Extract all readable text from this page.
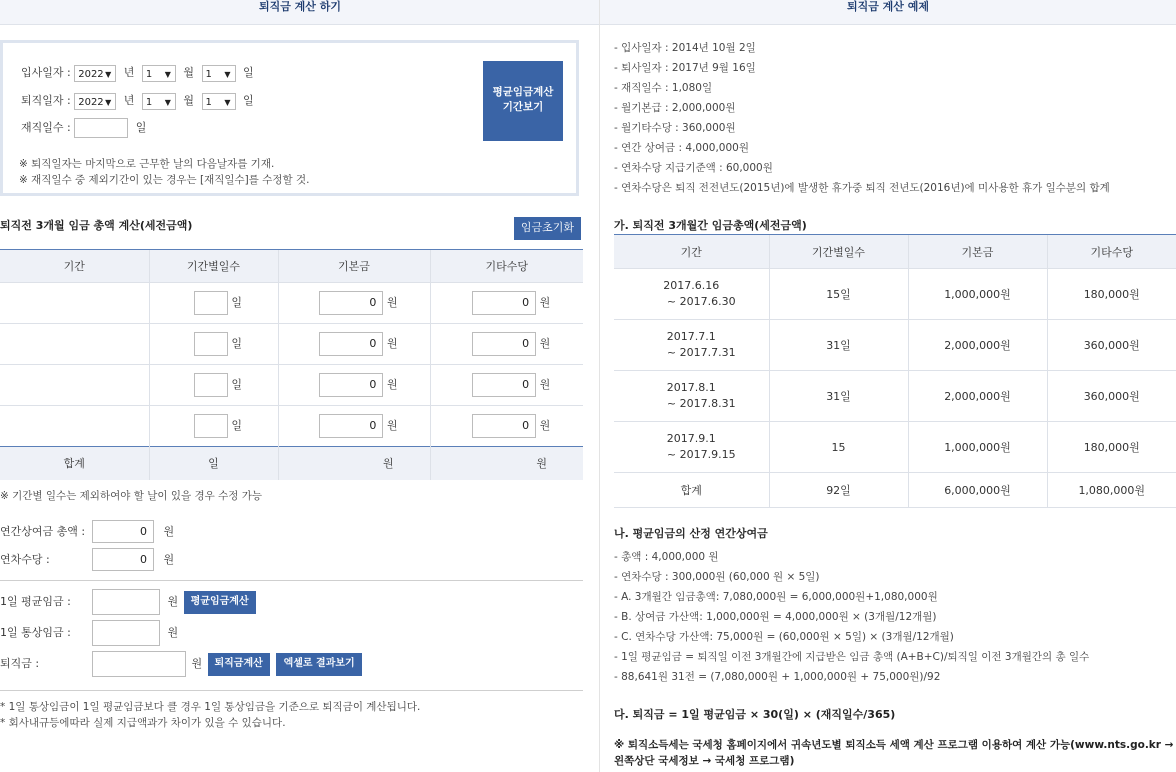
퇴직금 계산 하기	퇴직금 계산 예제
입사일자 : 2022 ▼ 년 1 ▼ 월 1 ▼ 일
퇴직일자 : 2022 ▼ 년 1 ▼ 월 1 ▼ 일
재직일수 :	일
평균임금계산
기간보기
※ 퇴직일자는 마지막으로 근무한 날의 다음날자를 기재.
※ 재직일수 중 제외기간이 있는 경우는 [재직일수]를 수정할 것.
퇴직전 3개월 임금 총액 계산(세전금액)	임금초기화
기간	기간별일수	기본금	기타수당
	일	0 원	0 원
	일	0 원	0 원
	일	0 원	0 원
	일	0 원	0 원
합계	일	원	원
※ 기간별 일수는 제외하여야 할 날이 있을 경우 수정 가능
연간상여금 총액 :	0 원
연차수당 :	0 원
1일 평균임금 :	원 평균임금계산
1일 통상임금 :	원
퇴직금 :	원 퇴직금계산 엑셀로 결과보기
* 1일 통상임금이 1일 평균임금보다 클 경우 1일 통상임금을 기준으로 퇴직금이 계산됩니다.
* 회사내규등에따라 실제 지급액과가 차이가 있을 수 있습니다.
- 입사일자 : 2014년 10월 2일
- 퇴사일자 : 2017년 9월 16일
- 재직일수 : 1,080일
- 월기본급 : 2,000,000원
- 월기타수당 : 360,000원
- 연간 상여금 : 4,000,000원
- 연차수당 지급기준액 : 60,000원
- 연차수당은 퇴직 전전년도(2015년)에 발생한 휴가중 퇴직 전년도(2016년)에 미사용한 휴가 일수분의 합계
가. 퇴직전 3개월간 임금총액(세전금액)
기간	기간별일수	기본금	기타수당

2017.6.16
~ 2017.6.30	15일	1,000,000원	180,000원

2017.7.1
~ 2017.7.31	31일	2,000,000원	360,000원

2017.8.1
~ 2017.8.31	31일	2,000,000원	360,000원

2017.9.1
~ 2017.9.15	15	1,000,000원	180,000원
합계	92일	6,000,000원	1,080,000원
나. 평균임금의 산정 연간상여금
- 총액 : 4,000,000 원
- 연차수당 : 300,000원 (60,000 원 × 5일)
- A. 3개월간 임금총액: 7,080,000원 = 6,000,000원+1,080,000원
- B. 상여금 가산액: 1,000,000원 = 4,000,000원 × (3개월/12개월)
- C. 연차수당 가산액: 75,000원 = (60,000원 × 5일) × (3개월/12개월)
- 1일 평균임금 = 퇴직일 이전 3개월간에 지급받은 임금 총액 (A+B+C)/퇴직일 이전 3개월간의 총 일수
- 88,641원 31전 = (7,080,000원 + 1,000,000원 + 75,000원)/92
다. 퇴직금 = 1일 평균임금 × 30(일) × (재직일수/365)
※ 퇴직소득세는 국세청 홈페이지에서 귀속년도별 퇴직소득 세액 계산 프로그램 이용하여 계산 가능(www.nts.go.kr →
왼쪽상단 국세정보 → 국세청 프로그램)
